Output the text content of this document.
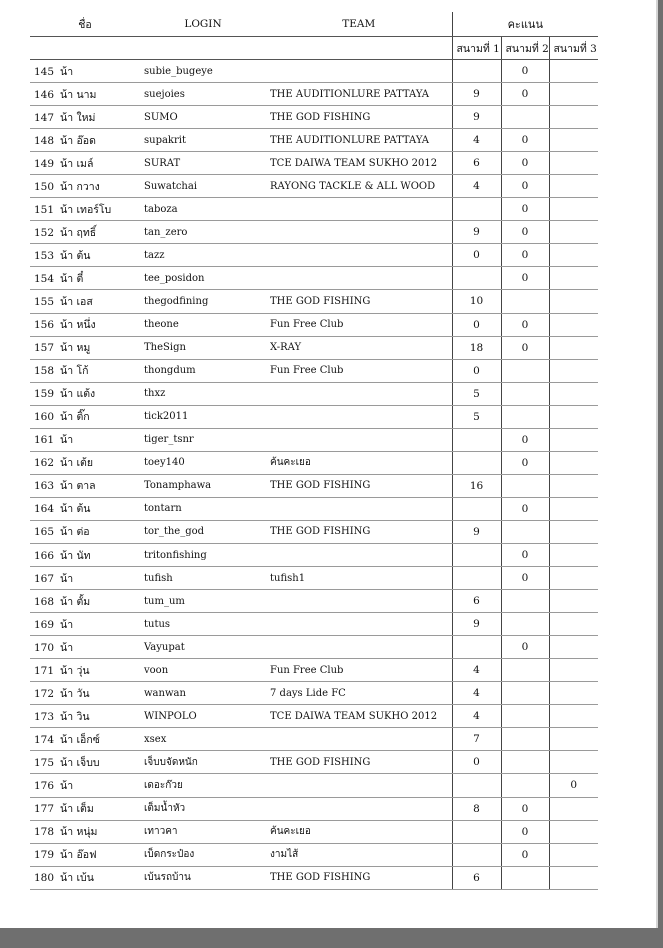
ชื่อ	LOGIN	TEAM	คะแนน		
			สนามที่ 1	สนามที่ 2	สนามที่ 3
145 น้า	subie_bugeye			0	
146 น้า นาม	suejoies	THE AUDITIONLURE PATTAYA	9	0	
147 น้า ใหม่	SUMO	THE GOD FISHING	9		
148 น้า อ๊อด	supakrit	THE AUDITIONLURE PATTAYA	4	0	
149 น้า เมล์	SURAT	TCE DAIWA TEAM SUKHO 2012	6	0	
150 น้า กวาง	Suwatchai	RAYONG TACKLE & ALL WOOD	4	0	
151 น้า เทอร์โบ	taboza			0	
152 น้า ฤทธิ์	tan_zero		9	0	
153 น้า ต้น	tazz		0	0	
154 น้า ตี๋	tee_posidon			0	
155 น้า เอส	thegodfining	THE GOD FISHING	10		
156 น้า หนึ่ง	theone	Fun Free Club	0	0	
157 น้า หมู	TheSign	X-RAY	18	0	
158 น้า โก้	thongdum	Fun Free Club	0		
159 น้า แต้ง	thxz		5		
160 น้า ติ๊ก	tick2011		5		
161 น้า	tiger_tsnr			0	
162 น้า เต้ย	toey140	ค้นคะเยอ		0	
163 น้า ตาล	Tonamphawa	THE GOD FISHING	16		
164 น้า ต้น	tontarn			0	
165 น้า ต่อ	tor_the_god	THE GOD FISHING	9		
166 น้า นัท	tritonfishing			0	
167 น้า	tufish	tufish1		0	
168 น้า ตั้ม	tum_um		6		
169 น้า	tutus		9		
170 น้า	Vayupat			0	
171 น้า วุ่น	voon	Fun Free Club	4		
172 น้า วัน	wanwan	7 days Lide FC	4		
173 น้า วิน	WINPOLO	TCE DAIWA TEAM SUKHO 2012	4		
174 น้า เอ็กซ์	xsex		7		
175 น้า เจ็บบ	เจ็บบจัดหนัก	THE GOD FISHING	0		
176 น้า	เดอะก๊วย				0
177 น้า เต็ม	เต็มน้ำหัว		8	0	
178 น้า หนุ่ม	เทาวคา	ค้นคะเยอ		0	
179 น้า อ๊อฟ	เบ็ดกระป๋อง	งามไส้		0	
180 น้า เบ้น	เบ้นรถบ้าน	THE GOD FISHING	6		
